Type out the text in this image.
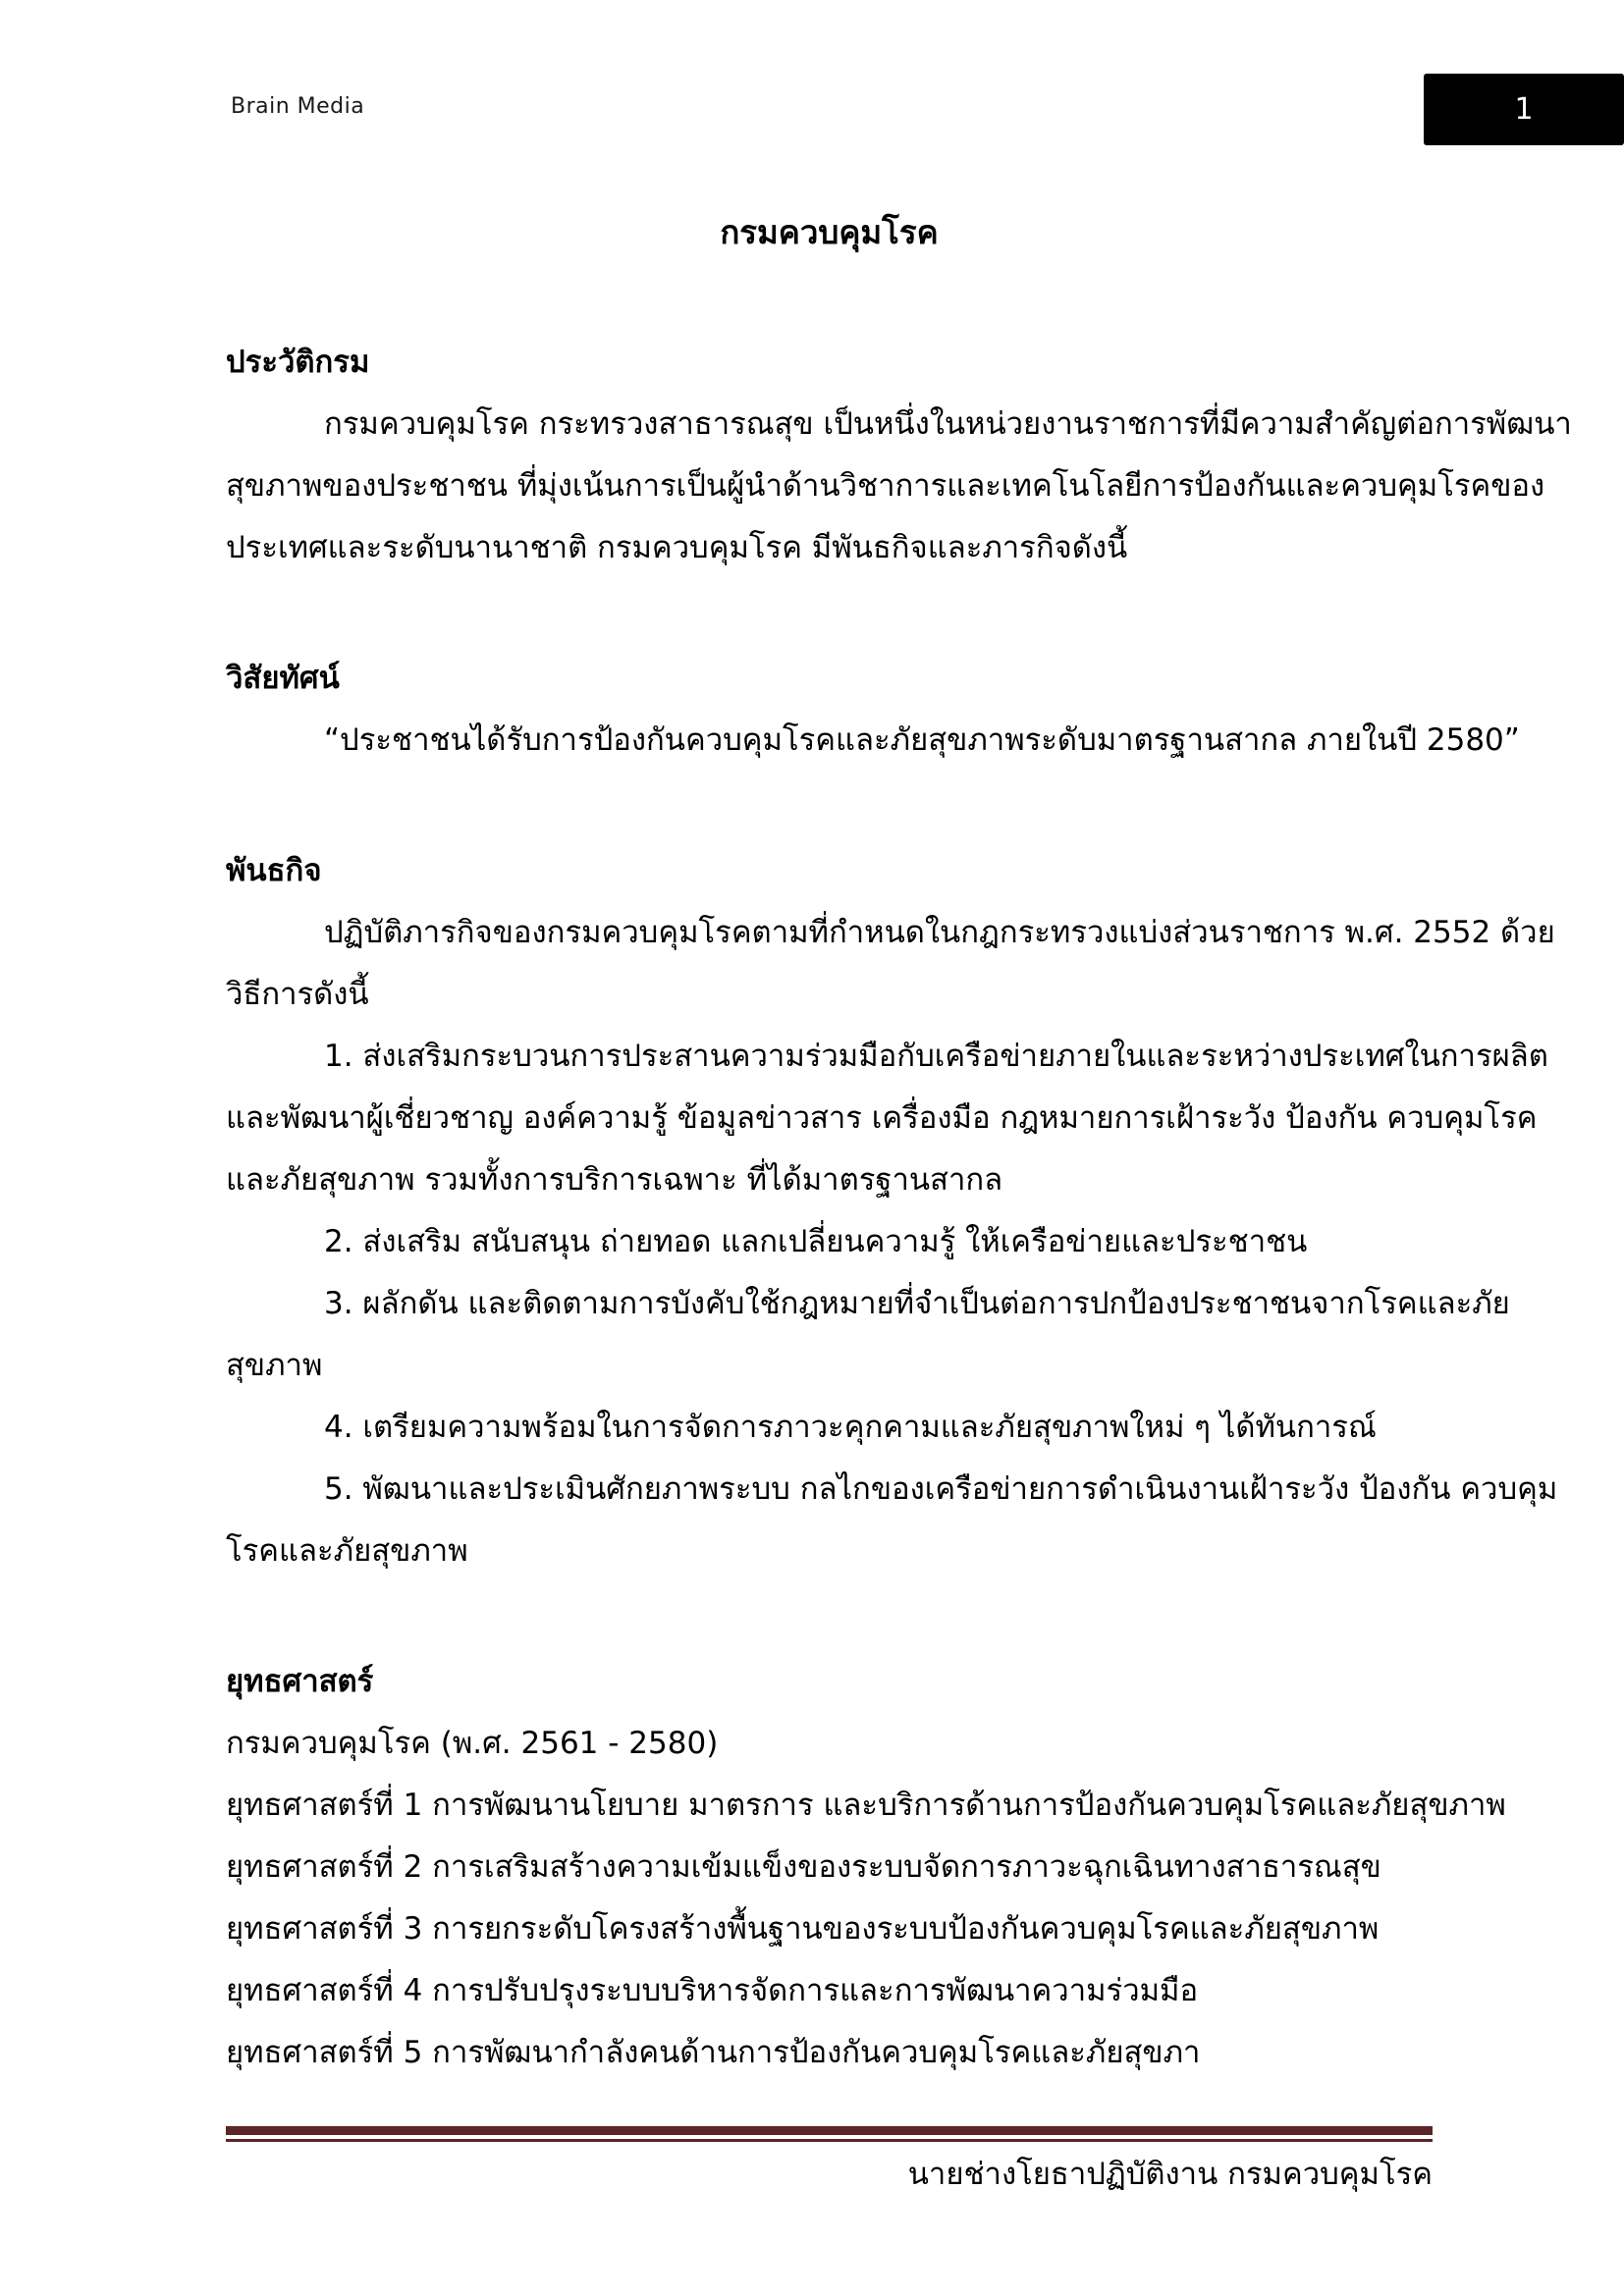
Brain Media	1
กรมควบคุมโรค
ประวัติกรม
กรมควบคุมโรค กระทรวงสาธารณสุข เป็นหนึ่งในหน่วยงานราชการที่มีความสำคัญต่อการพัฒนา
สุขภาพของประชาชน ที่มุ่งเน้นการเป็นผู้นำด้านวิชาการและเทคโนโลยีการป้องกันและควบคุมโรคของ
ประเทศและระดับนานาชาติ กรมควบคุมโรค มีพันธกิจและภารกิจดังนี้
วิสัยทัศน์
“ประชาชนได้รับการป้องกันควบคุมโรคและภัยสุขภาพระดับมาตรฐานสากล ภายในปี 2580”
พันธกิจ
ปฏิบัติภารกิจของกรมควบคุมโรคตามที่กำหนดในกฎกระทรวงแบ่งส่วนราชการ พ.ศ. 2552 ด้วย
วิธีการดังนี้
1. ส่งเสริมกระบวนการประสานความร่วมมือกับเครือข่ายภายในและระหว่างประเทศในการผลิต
และพัฒนาผู้เชี่ยวชาญ องค์ความรู้ ข้อมูลข่าวสาร เครื่องมือ กฎหมายการเฝ้าระวัง ป้องกัน ควบคุมโรค
และภัยสุขภาพ รวมทั้งการบริการเฉพาะ ที่ได้มาตรฐานสากล
2. ส่งเสริม สนับสนุน ถ่ายทอด แลกเปลี่ยนความรู้ ให้เครือข่ายและประชาชน
3. ผลักดัน และติดตามการบังคับใช้กฎหมายที่จำเป็นต่อการปกป้องประชาชนจากโรคและภัย
สุขภาพ
4. เตรียมความพร้อมในการจัดการภาวะคุกคามและภัยสุขภาพใหม่ ๆ ได้ทันการณ์
5. พัฒนาและประเมินศักยภาพระบบ กลไกของเครือข่ายการดำเนินงานเฝ้าระวัง ป้องกัน ควบคุม
โรคและภัยสุขภาพ
ยุทธศาสตร์
กรมควบคุมโรค (พ.ศ. 2561 - 2580)
ยุทธศาสตร์ที่ 1 การพัฒนานโยบาย มาตรการ และบริการด้านการป้องกันควบคุมโรคและภัยสุขภาพ
ยุทธศาสตร์ที่ 2 การเสริมสร้างความเข้มแข็งของระบบจัดการภาวะฉุกเฉินทางสาธารณสุข
ยุทธศาสตร์ที่ 3 การยกระดับโครงสร้างพื้นฐานของระบบป้องกันควบคุมโรคและภัยสุขภาพ
ยุทธศาสตร์ที่ 4 การปรับปรุงระบบบริหารจัดการและการพัฒนาความร่วมมือ
ยุทธศาสตร์ที่ 5 การพัฒนากำลังคนด้านการป้องกันควบคุมโรคและภัยสุขภา
นายช่างโยธาปฏิบัติงาน กรมควบคุมโรค
